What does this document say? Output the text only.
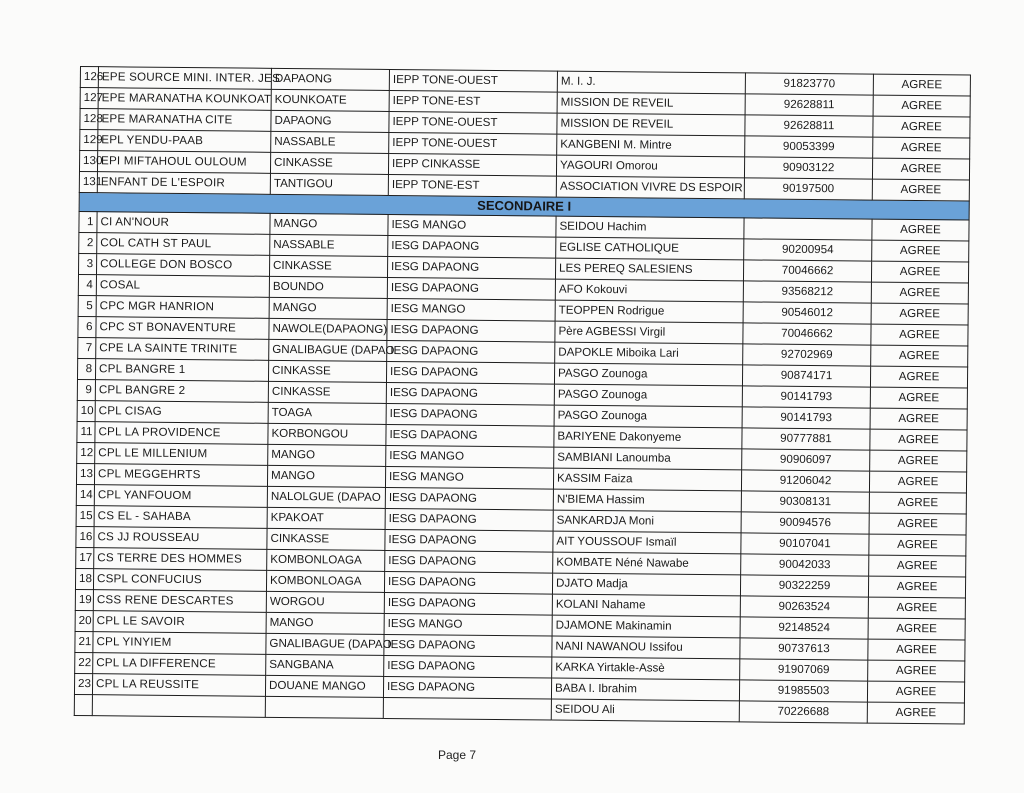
126	EPE SOURCE MINI. INTER. JES	DAPAONG	IEPP TONE-OUEST	M. I. J.	91823770	AGREE
127	EPE MARANATHA KOUNKOAT	KOUNKOATE	IEPP TONE-EST	MISSION DE REVEIL	92628811	AGREE
128	EPE MARANATHA CITE	DAPAONG	IEPP TONE-OUEST	MISSION DE REVEIL	92628811	AGREE
129	EPL YENDU-PAAB	NASSABLE	IEPP TONE-OUEST	KANGBENI M. Mintre	90053399	AGREE
130	EPI MIFTAHOUL OULOUM	CINKASSE	IEPP CINKASSE	YAGOURI Omorou	90903122	AGREE
131	ENFANT DE L'ESPOIR	TANTIGOU	IEPP TONE-EST	ASSOCIATION VIVRE DS ESPOIR	90197500	AGREE
SECONDAIRE I						
1	CI AN'NOUR	MANGO	IESG MANGO	SEIDOU Hachim		AGREE
2	COL CATH ST PAUL	NASSABLE	IESG DAPAONG	EGLISE CATHOLIQUE	90200954	AGREE
3	COLLEGE DON BOSCO	CINKASSE	IESG DAPAONG	LES PEREQ SALESIENS	70046662	AGREE
4	COSAL	BOUNDO	IESG DAPAONG	AFO Kokouvi	93568212	AGREE
5	CPC MGR HANRION	MANGO	IESG MANGO	TEOPPEN Rodrigue	90546012	AGREE
6	CPC ST BONAVENTURE	NAWOLE(DAPAONG)	IESG DAPAONG	Père AGBESSI Virgil	70046662	AGREE
7	CPE LA SAINTE TRINITE	GNALIBAGUE (DAPAO	IESG DAPAONG	DAPOKLE Miboika Lari	92702969	AGREE
8	CPL BANGRE 1	CINKASSE	IESG DAPAONG	PASGO Zounoga	90874171	AGREE
9	CPL BANGRE 2	CINKASSE	IESG DAPAONG	PASGO Zounoga	90141793	AGREE
10	CPL CISAG	TOAGA	IESG DAPAONG	PASGO Zounoga	90141793	AGREE
11	CPL LA PROVIDENCE	KORBONGOU	IESG DAPAONG	BARIYENE Dakonyeme	90777881	AGREE
12	CPL LE MILLENIUM	MANGO	IESG MANGO	SAMBIANI Lanoumba	90906097	AGREE
13	CPL MEGGEHRTS	MANGO	IESG MANGO	KASSIM Faiza	91206042	AGREE
14	CPL YANFOUOM	NALOLGUE (DAPAO	IESG DAPAONG	N'BIEMA Hassim	90308131	AGREE
15	CS EL - SAHABA	KPAKOAT	IESG DAPAONG	SANKARDJA Moni	90094576	AGREE
16	CS JJ ROUSSEAU	CINKASSE	IESG DAPAONG	AIT YOUSSOUF Ismaïl	90107041	AGREE
17	CS TERRE DES HOMMES	KOMBONLOAGA	IESG DAPAONG	KOMBATE Néné Nawabe	90042033	AGREE
18	CSPL CONFUCIUS	KOMBONLOAGA	IESG DAPAONG	DJATO Madja	90322259	AGREE
19	CSS RENE DESCARTES	WORGOU	IESG DAPAONG	KOLANI Nahame	90263524	AGREE
20	CPL LE SAVOIR	MANGO	IESG MANGO	DJAMONE Makinamin	92148524	AGREE
21	CPL YINYIEM	GNALIBAGUE (DAPAO	IESG DAPAONG	NANI NAWANOU Issifou	90737613	AGREE
22	CPL LA DIFFERENCE	SANGBANA	IESG DAPAONG	KARKA Yirtakle-Assè	91907069	AGREE
23	CPL LA REUSSITE	DOUANE MANGO	IESG DAPAONG	BABA I. Ibrahim	91985503	AGREE
				SEIDOU Ali	70226688	AGREE
Page 7
